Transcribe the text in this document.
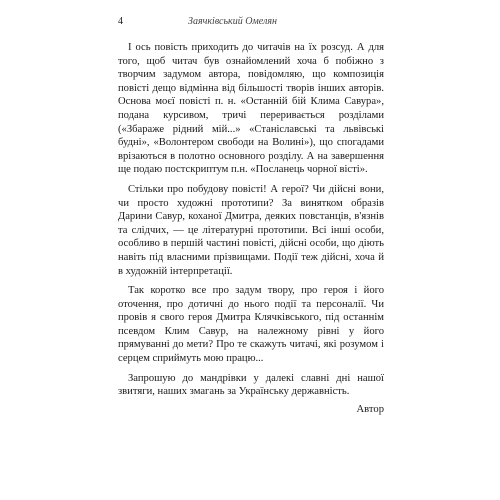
4	Заячківський Омелян

І ось повість приходить до читачів на їх розсуд. А для того, щоб читач був ознайомлений хоча б побіжно з творчим задумом автора, повідомляю, що композиція повісті дещо відмінна від більшості творів інших авторів. Основа моєї повісті п. н. «Останній бій Клима Савура», подана курсивом, тричі переривається розділами («Збараже рідний мій...» «Станіславські та львівські будні», «Волонтером свободи на Волині»), що спогадами врізаються в полотно основного розділу. А на завершення ще подаю постскриптум п.н. «Посланець чорної вісті».

Стільки про побудову повісті! А герої? Чи дійсні вони, чи просто художні прототипи? За винятком образів Дарини Савур, коханої Дмитра, деяких повстанців, в'язнів та слідчих, — це літературні прототипи. Всі інші особи, особливо в першій частині повісті, дійсні особи, що діють навіть під власними прізвищами. Події теж дійсні, хоча й в художній інтерпретації.

Так коротко все про задум твору, про героя і його оточення, про дотичні до нього події та персоналії. Чи провів я свого героя Дмитра Клячківського, під останнім псевдом Клим Савур, на належному рівні у його прямуванні до мети? Про те скажуть читачі, які розумом і серцем сприймуть мою працю...

Запрошую до мандрівки у далекі славні дні нашої звитяги, наших змагань за Українську державність.

Автор
